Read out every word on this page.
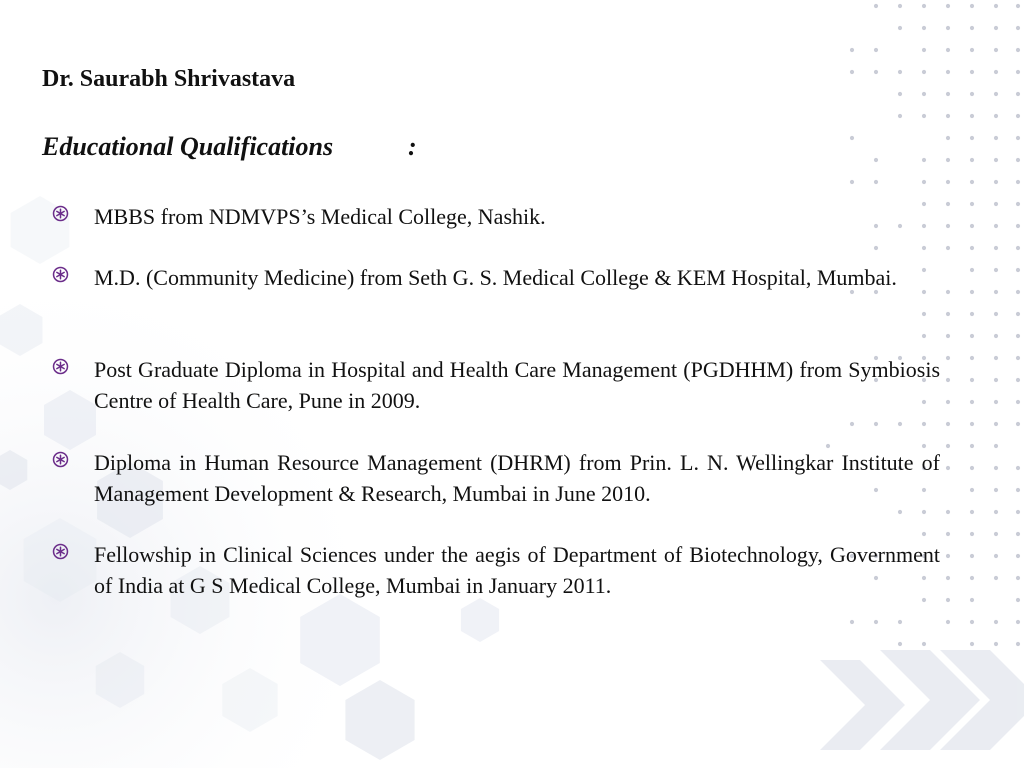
Dr. Saurabh Shrivastava
Educational Qualifications	:
MBBS from NDMVPS’s Medical College, Nashik.
M.D. (Community Medicine) from Seth G. S. Medical College & KEM Hospital, Mumbai.
Post Graduate Diploma in Hospital and Health Care Management (PGDHHM) from Symbiosis Centre of Health Care, Pune in 2009.
Diploma in Human Resource Management (DHRM) from Prin. L. N. Wellingkar Institute of Management Development & Research, Mumbai in June 2010.
Fellowship in Clinical Sciences under the aegis of Department of Biotechnology, Government of India at G S Medical College, Mumbai in January 2011.
